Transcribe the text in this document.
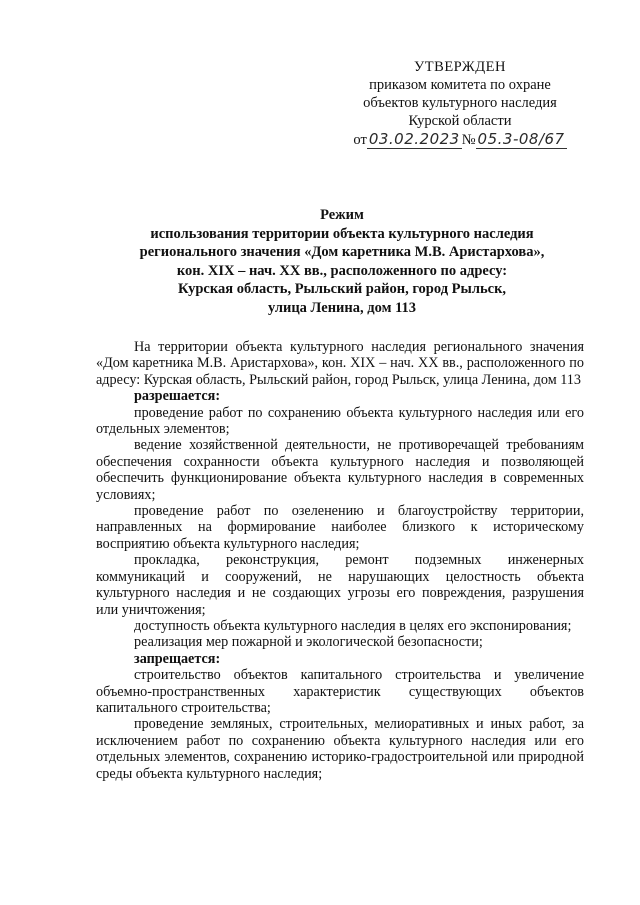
УТВЕРЖДЕН
приказом комитета по охране
объектов культурного наследия
Курской области
от 03.02.2023 № 05.3-08/67
Режим
использования территории объекта культурного наследия
регионального значения «Дом каретника М.В. Аристархова»,
кон. XIX – нач. XX вв., расположенного по адресу:
Курская область, Рыльский район, город Рыльск,
улица Ленина, дом 113

На территории объекта культурного наследия регионального значения «Дом каретника М.В. Аристархова», кон. XIX – нач. XX вв., расположенного по адресу: Курская область, Рыльский район, город Рыльск, улица Ленина, дом 113

разрешается:

проведение работ по сохранению объекта культурного наследия или его отдельных элементов;

ведение хозяйственной деятельности, не противоречащей требованиям обеспечения сохранности объекта культурного наследия и позволяющей обеспечить функционирование объекта культурного наследия в современных условиях;

проведение работ по озеленению и благоустройству территории, направленных на формирование наиболее близкого к историческому восприятию объекта культурного наследия;

прокладка, реконструкция, ремонт подземных инженерных коммуникаций и сооружений, не нарушающих целостность объекта культурного наследия и не создающих угрозы его повреждения, разрушения или уничтожения;

доступность объекта культурного наследия в целях его экспонирования;

реализация мер пожарной и экологической безопасности;

запрещается:

строительство объектов капитального строительства и увеличение объемно-пространственных характеристик существующих объектов капитального строительства;

проведение земляных, строительных, мелиоративных и иных работ, за исключением работ по сохранению объекта культурного наследия или его отдельных элементов, сохранению историко-градостроительной или природной среды объекта культурного наследия;
